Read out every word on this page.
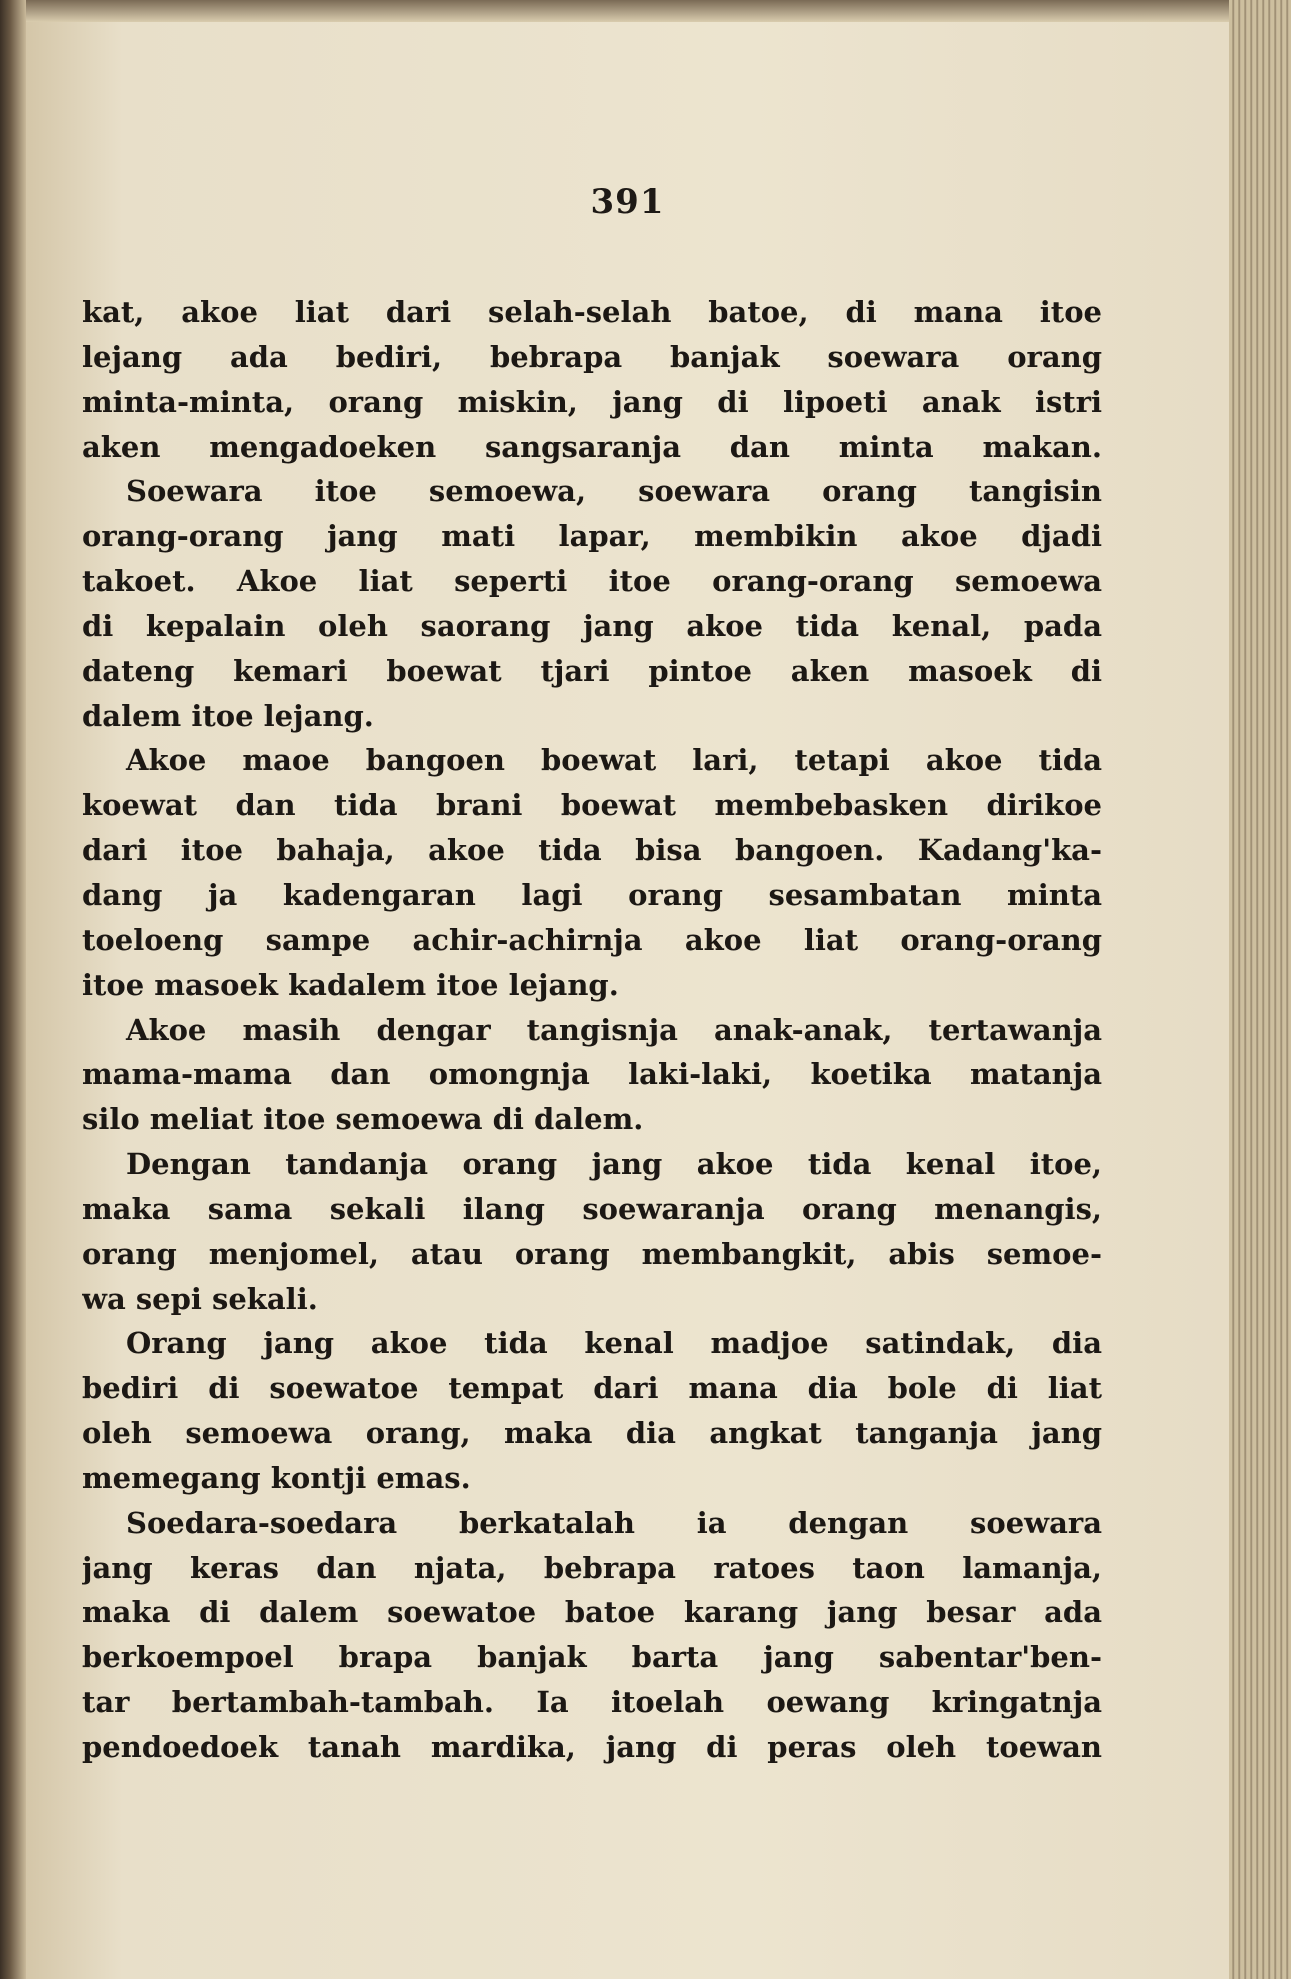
391
kat, akoe liat dari selah-selah batoe, di mana itoe
lejang ada bediri, bebrapa banjak soewara orang
minta-minta, orang miskin, jang di lipoeti anak istri
aken mengadoeken sangsaranja dan minta makan.
Soewara itoe semoewa, soewara orang tangisin
orang-orang jang mati lapar, membikin akoe djadi
takoet. Akoe liat seperti itoe orang-orang semoewa
di kepalain oleh saorang jang akoe tida kenal, pada
dateng kemari boewat tjari pintoe aken masoek di
dalem itoe lejang.
Akoe maoe bangoen boewat lari, tetapi akoe tida
koewat dan tida brani boewat membebasken dirikoe
dari itoe bahaja, akoe tida bisa bangoen. Kadang'ka-
dang ja kadengaran lagi orang sesambatan minta
toeloeng sampe achir-achirnja akoe liat orang-orang
itoe masoek kadalem itoe lejang.
Akoe masih dengar tangisnja anak-anak, tertawanja
mama-mama dan omongnja laki-laki, koetika matanja
silo meliat itoe semoewa di dalem.
Dengan tandanja orang jang akoe tida kenal itoe,
maka sama sekali ilang soewaranja orang menangis,
orang menjomel, atau orang membangkit, abis semoe-
wa sepi sekali.
Orang jang akoe tida kenal madjoe satindak, dia
bediri di soewatoe tempat dari mana dia bole di liat
oleh semoewa orang, maka dia angkat tanganja jang
memegang kontji emas.
Soedara-soedara berkatalah ia dengan soewara
jang keras dan njata, bebrapa ratoes taon lamanja,
maka di dalem soewatoe batoe karang jang besar ada
berkoempoel brapa banjak barta jang sabentar'ben-
tar bertambah-tambah. Ia itoelah oewang kringatnja
pendoedoek tanah mardika, jang di peras oleh toewan
